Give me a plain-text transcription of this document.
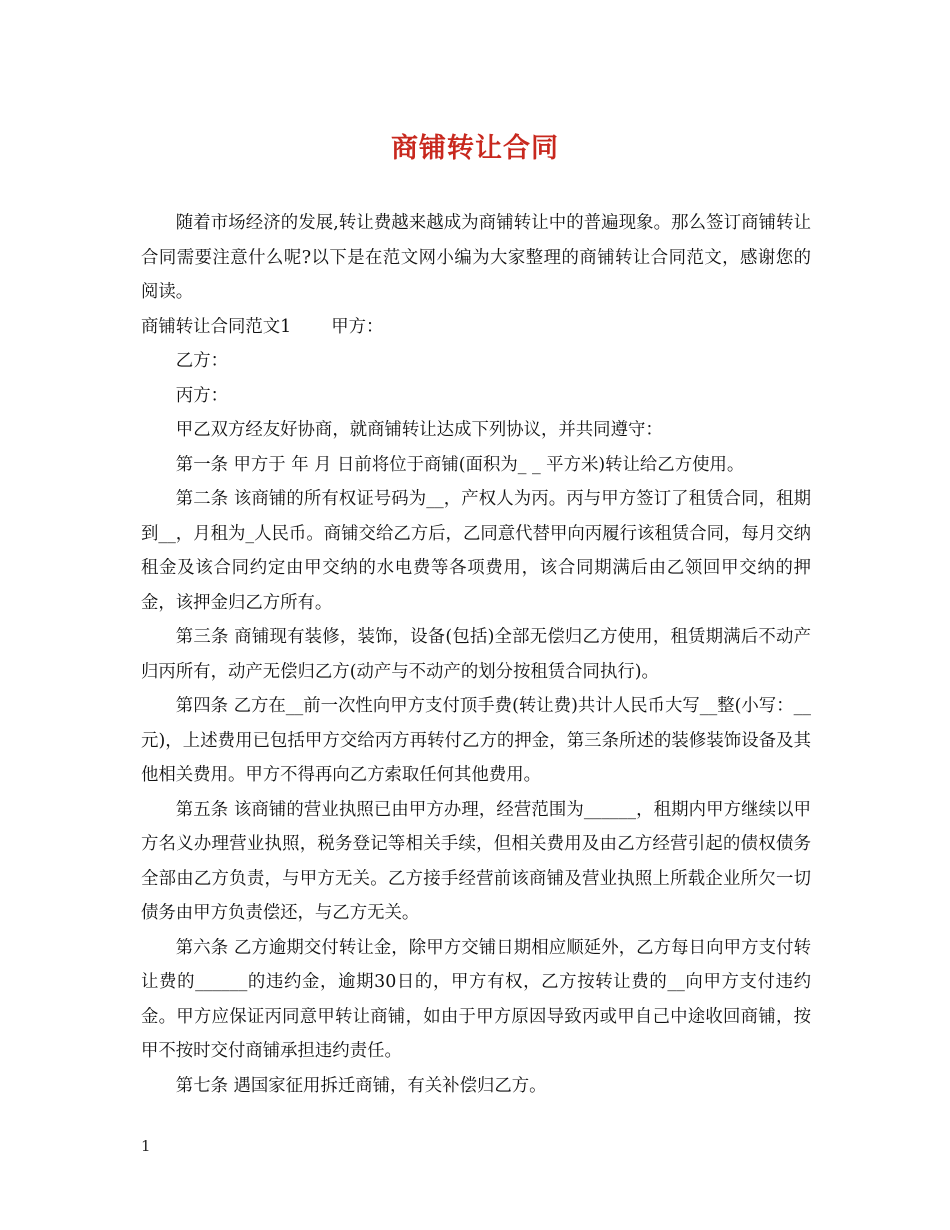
商铺转让合同

随着市场经济的发展,转让费越来越成为商铺转让中的普遍现象。那么签订商铺转让合同需要注意什么呢?以下是在范文网小编为大家整理的商铺转让合同范文，感谢您的阅读。

商铺转让合同范文1 甲方：

乙方：

丙方：

甲乙双方经友好协商，就商铺转让达成下列协议，并共同遵守：

第一条 甲方于 年 月 日前将位于商铺(面积为_ _ 平方米)转让给乙方使用。

第二条 该商铺的所有权证号码为__，产权人为丙。丙与甲方签订了租赁合同，租期到__，月租为_人民币。商铺交给乙方后，乙同意代替甲向丙履行该租赁合同，每月交纳租金及该合同约定由甲交纳的水电费等各项费用，该合同期满后由乙领回甲交纳的押金，该押金归乙方所有。

第三条 商铺现有装修，装饰，设备(包括)全部无偿归乙方使用，租赁期满后不动产归丙所有，动产无偿归乙方(动产与不动产的划分按租赁合同执行)。

第四条 乙方在__前一次性向甲方支付顶手费(转让费)共计人民币大写__整(小写：__元)，上述费用已包括甲方交给丙方再转付乙方的押金，第三条所述的装修装饰设备及其他相关费用。甲方不得再向乙方索取任何其他费用。

第五条 该商铺的营业执照已由甲方办理，经营范围为______，租期内甲方继续以甲方名义办理营业执照，税务登记等相关手续，但相关费用及由乙方经营引起的债权债务全部由乙方负责，与甲方无关。乙方接手经营前该商铺及营业执照上所载企业所欠一切债务由甲方负责偿还，与乙方无关。

第六条 乙方逾期交付转让金，除甲方交铺日期相应顺延外，乙方每日向甲方支付转让费的______的违约金，逾期30日的，甲方有权，乙方按转让费的__向甲方支付违约金。甲方应保证丙同意甲转让商铺，如由于甲方原因导致丙或甲自己中途收回商铺，按甲不按时交付商铺承担违约责任。

第七条 遇国家征用拆迁商铺，有关补偿归乙方。

1
